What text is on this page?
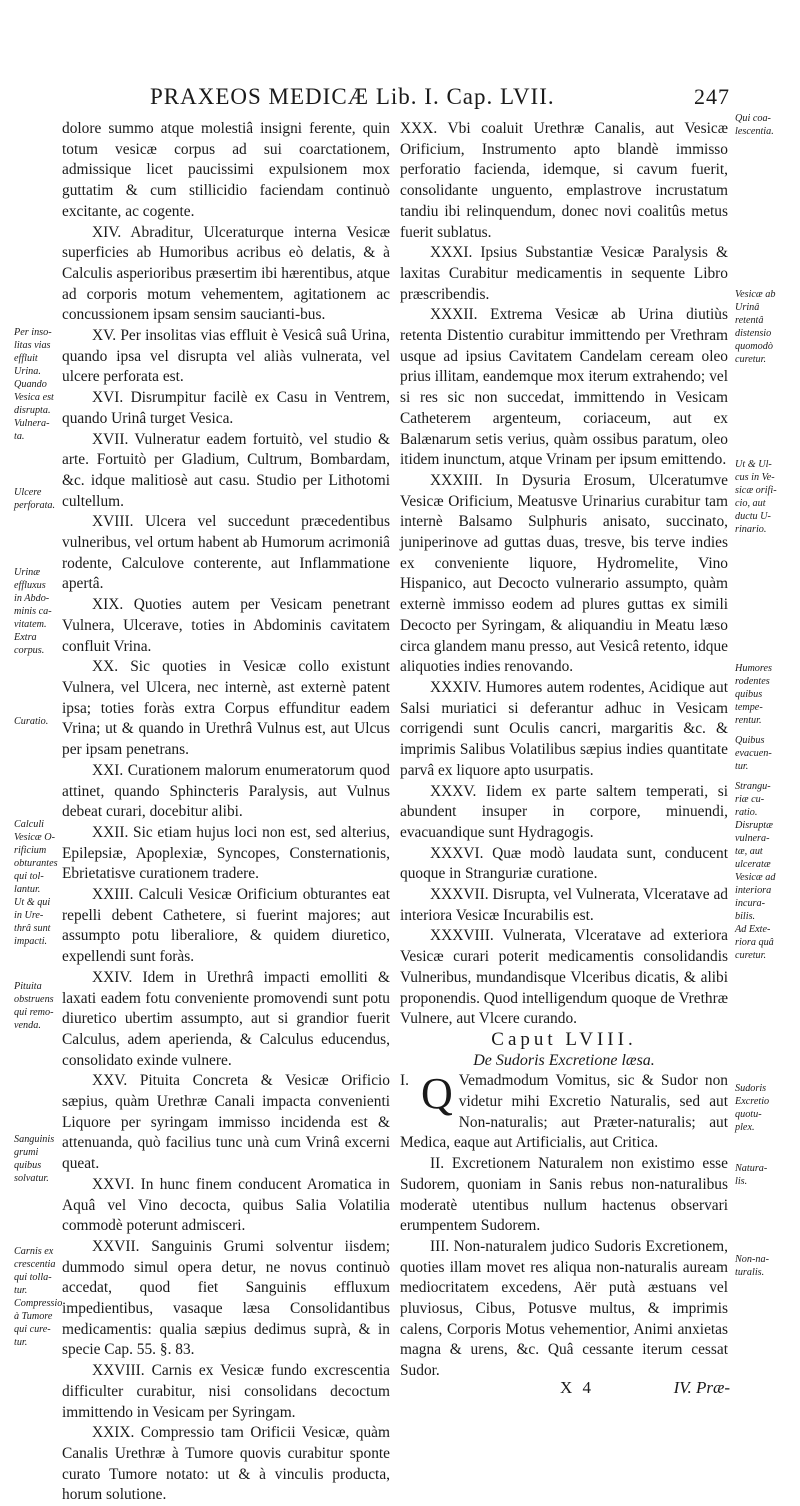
PRAXEOS MEDICÆ Lib. I. Cap. LVII.	247

dolore summo atque molestiâ insigni ferente, quin totum vesicæ corpus ad sui coarctationem, admissique licet paucissimi expulsionem mox guttatim & cum stillicidio faciendam continuò excitante, ac cogente.

XIV. Abraditur, Ulceraturque interna Vesicæ superficies ab Humoribus acribus eò delatis, & à Calculis asperioribus præsertim ibi hærentibus, atque ad corporis motum vehementem, agitationem ac concussionem ipsam sensim saucianti-bus.

XV. Per insolitas vias effluit è Vesicâ suâ Urina, quando ipsa vel disrupta vel aliàs vulnerata, vel ulcere perforata est.

XVI. Disrumpitur facilè ex Casu in Ventrem, quando Urinâ turget Vesica.

XVII. Vulneratur eadem fortuitò, vel studio & arte. Fortuitò per Gladium, Cultrum, Bombardam, &c. idque malitiosè aut casu. Studio per Lithotomi cultellum.

XVIII. Ulcera vel succedunt præcedentibus vulneribus, vel ortum habent ab Humorum acrimoniâ rodente, Calculove conterente, aut Inflammatione apertâ.

XIX. Quoties autem per Vesicam penetrant Vulnera, Ulcerave, toties in Abdominis cavitatem confluit Vrina.

XX. Sic quoties in Vesicæ collo existunt Vulnera, vel Ulcera, nec internè, ast externè patent ipsa; toties foràs extra Corpus effunditur eadem Vrina; ut & quando in Urethrâ Vulnus est, aut Ulcus per ipsam penetrans.

XXI. Curationem malorum enumeratorum quod attinet, quando Sphincteris Paralysis, aut Vulnus debeat curari, docebitur alibi.

XXII. Sic etiam hujus loci non est, sed alterius, Epilepsiæ, Apoplexiæ, Syncopes, Consternationis, Ebrietatisve curationem tradere.

XXIII. Calculi Vesicæ Orificium obturantes eat repelli debent Cathetere, si fuerint majores; aut assumpto potu liberaliore, & quidem diuretico, expellendi sunt foràs.

XXIV. Idem in Urethrâ impacti emolliti & laxati eadem fotu conveniente promovendi sunt potu diuretico ubertim assumpto, aut si grandior fuerit Calculus, adem aperienda, & Calculus educendus, consolidato exinde vulnere.

XXV. Pituita Concreta & Vesicæ Orificio sæpius, quàm Urethræ Canali impacta convenienti Liquore per syringam immisso incidenda est & attenuanda, quò facilius tunc unà cum Vrinâ excerni queat.

XXVI. In hunc finem conducent Aromatica in Aquâ vel Vino decocta, quibus Salia Volatilia commodè poterunt admisceri.

XXVII. Sanguinis Grumi solventur iisdem; dummodo simul opera detur, ne novus continuò accedat, quod fiet Sanguinis effluxum impedientibus, vasaque læsa Consolidantibus medicamentis: qualia sæpius dedimus suprà, & in specie Cap. 55. §. 83.

XXVIII. Carnis ex Vesicæ fundo excrescentia difficulter curabitur, nisi consolidans decoctum immittendo in Vesicam per Syringam.

XXIX. Compressio tam Orificii Vesicæ, quàm Canalis Urethræ à Tumore quovis curabitur sponte curato Tumore notato: ut & à vinculis producta, horum solutione.

XXX. Vbi coaluit Urethræ Canalis, aut Vesicæ Orificium, Instrumento apto blandè immisso perforatio facienda, idemque, si cavum fuerit, consolidante unguento, emplastrove incrustatum tandiu ibi relinquendum, donec novi coalitûs metus fuerit sublatus.

XXXI. Ipsius Substantiæ Vesicæ Paralysis & laxitas Curabitur medicamentis in sequente Libro præscribendis.

XXXII. Extrema Vesicæ ab Urina diutiùs retenta Distentio curabitur immittendo per Vrethram usque ad ipsius Cavitatem Candelam ceream oleo prius illitam, eandemque mox iterum extrahendo; vel si res sic non succedat, immittendo in Vesicam Catheterem argenteum, coriaceum, aut ex Balænarum setis verius, quàm ossibus paratum, oleo itidem inunctum, atque Vrinam per ipsum emittendo.

XXXIII. In Dysuria Erosum, Ulceratumve Vesicæ Orificium, Meatusve Urinarius curabitur tam internè Balsamo Sulphuris anisato, succinato, juniperinove ad guttas duas, tresve, bis terve indies ex conveniente liquore, Hydromelite, Vino Hispanico, aut Decocto vulnerario assumpto, quàm externè immisso eodem ad plures guttas ex simili Decocto per Syringam, & aliquandiu in Meatu læso circa glandem manu presso, aut Vesicâ retento, idque aliquoties indies renovando.

XXXIV. Humores autem rodentes, Acidique aut Salsi muriatici si deferantur adhuc in Vesicam corrigendi sunt Oculis cancri, margaritis &c. & imprimis Salibus Volatilibus sæpius indies quantitate parvâ ex liquore apto usurpatis.

XXXV. Iidem ex parte saltem temperati, si abundent insuper in corpore, minuendi, evacuandique sunt Hydragogis.

XXXVI. Quæ modò laudata sunt, conducent quoque in Stranguriæ curatione.

XXXVII. Disrupta, vel Vulnerata, Vlceratave ad interiora Vesicæ Incurabilis est.

XXXVIII. Vulnerata, Vlceratave ad exteriora Vesicæ curari poterit medicamentis consolidandis Vulneribus, mundandisque Vlceribus dicatis, & alibi proponendis. Quod intelligendum quoque de Vrethræ Vulnere, aut Vlcere curando.

Caput LVIII.

De Sudoris Excretione læsa.

I. Q Vemadmodum Vomitus, sic & Sudor non videtur mihi Excretio Naturalis, sed aut Non-naturalis; aut Præter-naturalis; aut Medica, eaque aut Artificialis, aut Critica.

II. Excretionem Naturalem non existimo esse Sudorem, quoniam in Sanis rebus non-naturalibus moderatè utentibus nullum hactenus observari erumpentem Sudorem.

III. Non-naturalem judico Sudoris Excretionem, quoties illam movet res aliqua non-naturalis auream mediocritatem excedens, Aër putà æstuans vel pluviosus, Cibus, Potusve multus, & imprimis calens, Corporis Motus vehementior, Animi anxietas magna & urens, &c. Quâ cessante iterum cessat Sudor.

Per inso-
litas vias
effluit
Urina.
Quando
Vesica est
disrupta.
Vulnera-
ta.
Ulcere
perforata.
Urinæ
effluxus
in Abdo-
minis ca-
vitatem.
Extra
corpus.
Curatio.
Calculi
Vesicæ O-
rificium
obturantes
qui tol-
lantur.
Ut & qui
in Ure-
thrâ sunt
impacti.
Pituita
obstruens
qui remo-
venda.
Sanguinis
grumi
quibus
solvatur.
Carnis ex
crescentia
qui tolla-
tur.
Compressio
à Tumore
qui cure-
tur.
Qui coa-
lescentia.
Vesicæ ab
Urinâ
retentâ
distensio
quomodò
curetur.
Ut & Ul-
cus in Ve-
sicæ orifi-
cio, aut
ductu U-
rinario.
Humores
rodentes
quibus
tempe-
rentur.
Quibus
evacuen-
tur.
Strangu-
riæ cu-
ratio.
Disruptæ
vulnera-
tæ, aut
ulceratæ
Vesicæ ad
interiora
incura-
bilis.
Ad Exte-
riora quâ
curetur.
Sudoris
Excretio
quotu-
plex.
Natura-
lis.
Non-na-
turalis.
X 4	IV. Præ-
